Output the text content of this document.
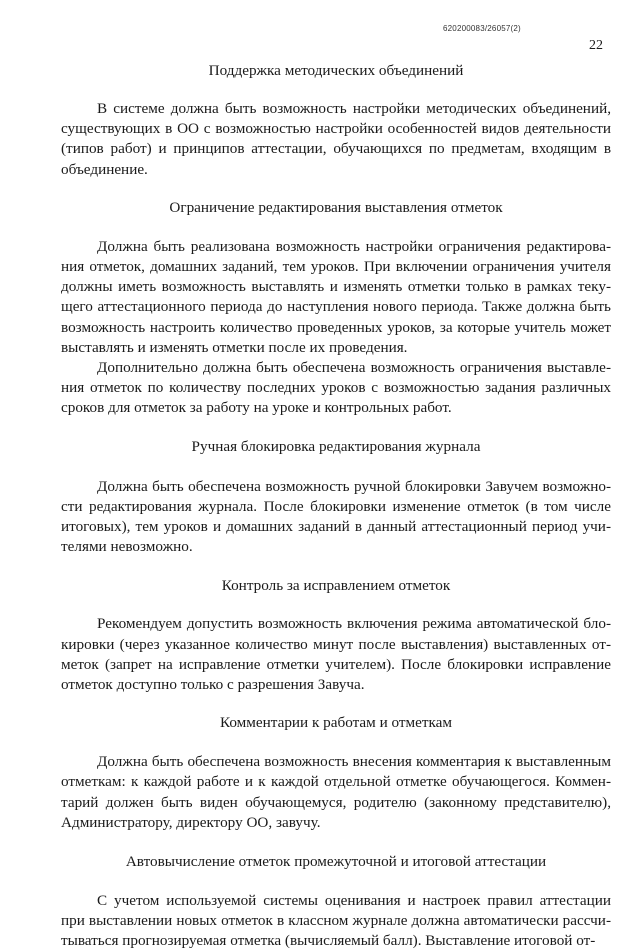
620200083/26057(2)
22
Поддержка методических объединений

В системе должна быть возможность настройки методических объединений, существующих в ОО с возможностью настройки особенностей видов деятельности (типов работ) и принципов аттестации, обучающихся по предметам, входящим в объединение.

Ограничение редактирования выставления отметок

Должна быть реализована возможность настройки ограничения редактирования отметок, домашних заданий, тем уроков. При включении ограничения учителя должны иметь возможность выставлять и изменять отметки только в рамках текущего аттестационного периода до наступления нового периода. Также должна быть возможность настроить количество проведенных уроков, за которые учитель может выставлять и изменять отметки после их проведения.

Дополнительно должна быть обеспечена возможность ограничения выставления отметок по количеству последних уроков с возможностью задания различных сроков для отметок за работу на уроке и контрольных работ.

Ручная блокировка редактирования журнала

Должна быть обеспечена возможность ручной блокировки Завучем возможности редактирования журнала. После блокировки изменение отметок (в том числе итоговых), тем уроков и домашних заданий в данный аттестационный период учителями невозможно.

Контроль за исправлением отметок

Рекомендуем допустить возможность включения режима автоматической блокировки (через указанное количество минут после выставления) выставленных отметок (запрет на исправление отметки учителем). После блокировки исправление отметок доступно только с разрешения Завуча.

Комментарии к работам и отметкам

Должна быть обеспечена возможность внесения комментария к выставленным отметкам: к каждой работе и к каждой отдельной отметке обучающегося. Комментарий должен быть виден обучающемуся, родителю (законному представителю), Администратору, директору ОО, завучу.

Автовычисление отметок промежуточной и итоговой аттестации

С учетом используемой системы оценивания и настроек правил аттестации при выставлении новых отметок в классном журнале должна автоматически рассчитываться прогнозируемая отметка (вычисляемый балл). Выставление итоговой от-
